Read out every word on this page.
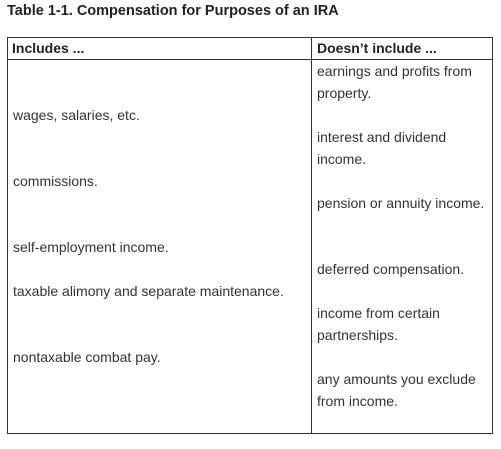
Table 1-1. Compensation for Purposes of an IRA
Includes ...	Doesn’t include ...
earnings and profits from property.
interest and dividend income.
pension or annuity income.
deferred compensation.
income from certain partnerships.
any amounts you exclude from income.
wages, salaries, etc.
commissions.
self-employment income.
taxable alimony and separate maintenance.
nontaxable combat pay.
